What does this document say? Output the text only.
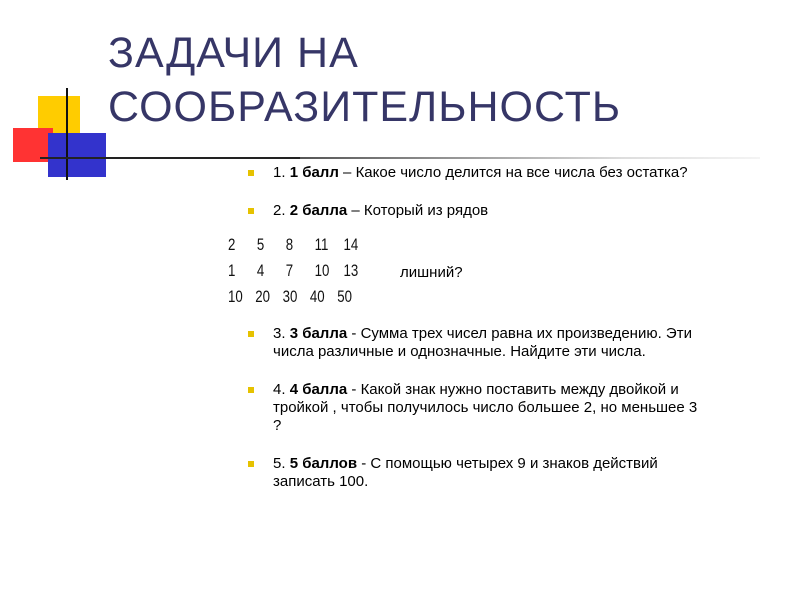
ЗАДАЧИ НА
СООБРАЗИТЕЛЬНОСТЬ
1. 1 балл – Какое число делится на все числа без остатка?
2. 2 балла – Который из рядов
3. 3 балла - Сумма трех чисел равна их произведению. Эти числа различные и однозначные. Найдите эти числа.
4. 4 балла - Какой знак нужно поставить между двойкой и тройкой , чтобы получилось число большее 2, но меньшее 3 ?
5. 5 баллов - С помощью четырех 9 и знаков действий записать 100.
2	5	8	11 14
1	4	7	10 13
10 20 30 40 50
лишний?
